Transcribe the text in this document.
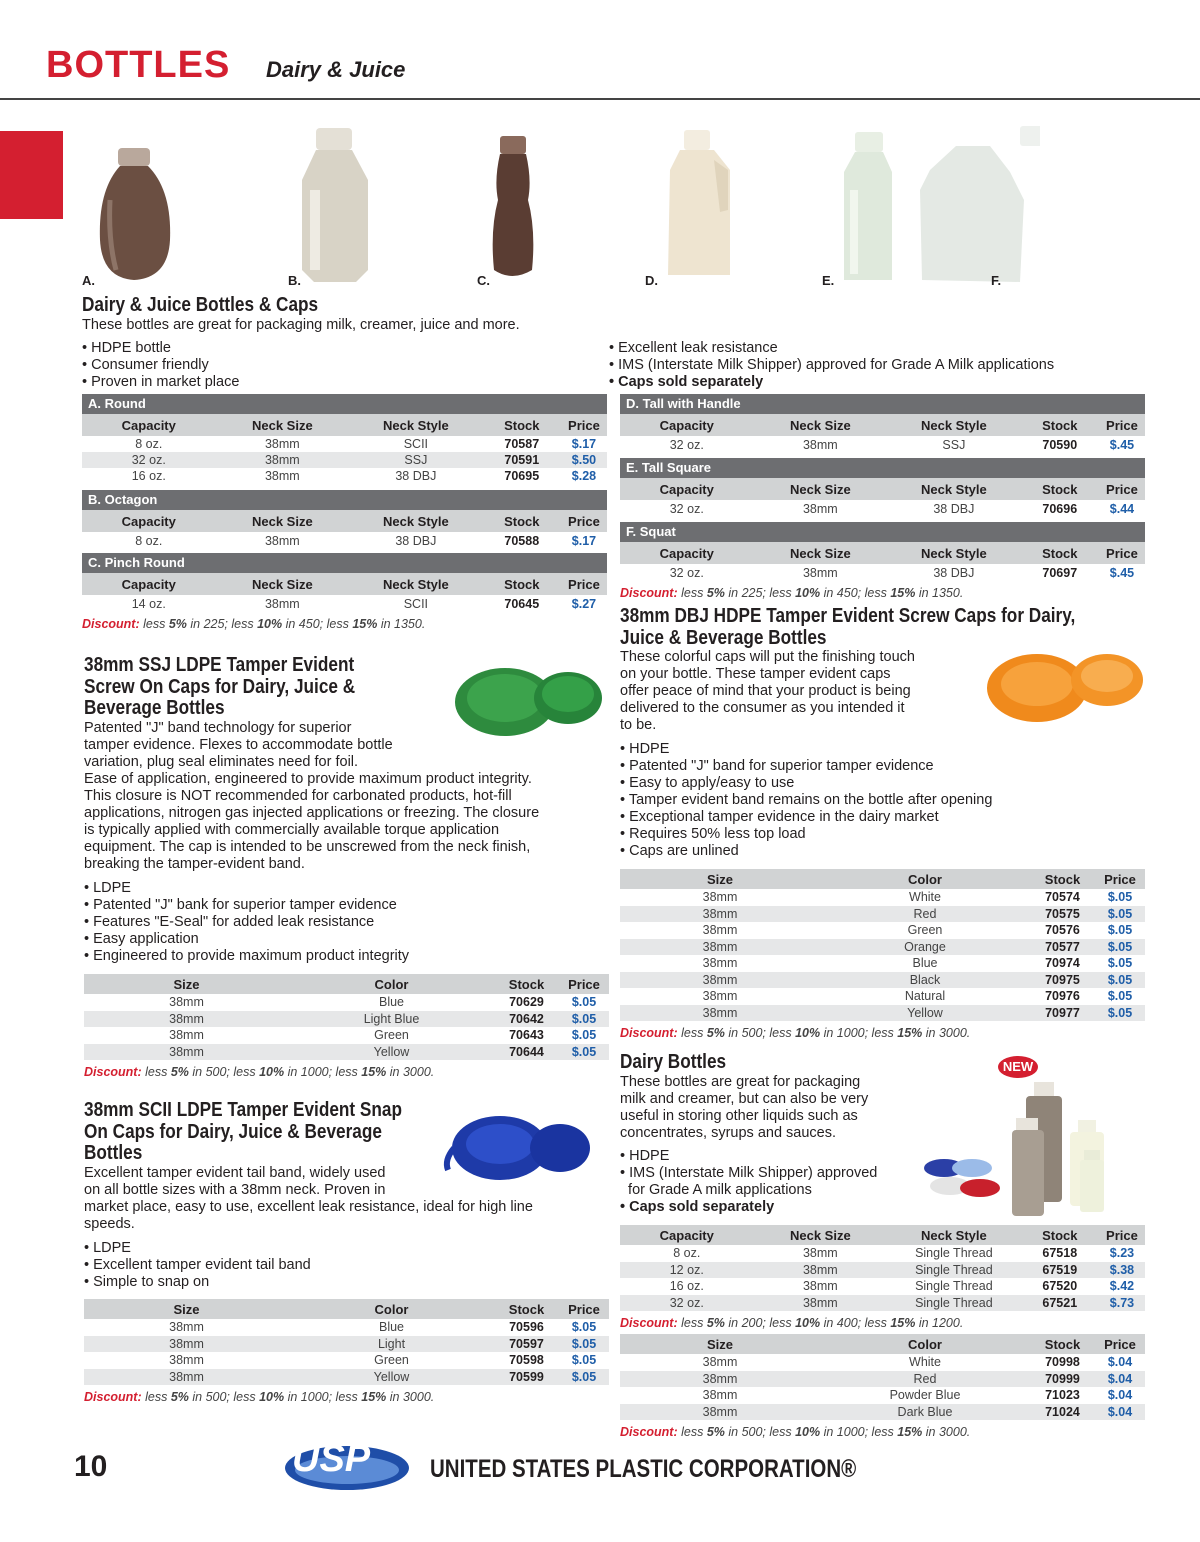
BOTTLES Dairy & Juice
A.	B.	C.	D.	E.	F.
Dairy & Juice Bottles & Caps
These bottles are great for packaging milk, creamer, juice and more.
• HDPE bottle
• Consumer friendly
• Proven in market place
• Excellent leak resistance
• IMS (Interstate Milk Shipper) approved for Grade A Milk applications
• Caps sold separately
A. Round
Capacity	Neck Size	Neck Style	Stock	Price
8 oz.	38mm	SCII	70587	$.17
32 oz.	38mm	SSJ	70591	$.50
16 oz.	38mm	38 DBJ	70695	$.28
B. Octagon
Capacity	Neck Size	Neck Style	Stock	Price
8 oz.	38mm	38 DBJ	70588	$.17
C. Pinch Round
Capacity	Neck Size	Neck Style	Stock	Price
14 oz.	38mm	SCII	70645	$.27
D. Tall with Handle
Capacity	Neck Size	Neck Style	Stock	Price
32 oz.	38mm	SSJ	70590	$.45
E. Tall Square
Capacity	Neck Size	Neck Style	Stock	Price
32 oz.	38mm	38 DBJ	70696	$.44
F. Squat
Capacity	Neck Size	Neck Style	Stock	Price
32 oz.	38mm	38 DBJ	70697	$.45
Size	Color	Stock	Price
38mm	Blue	70629	$.05
38mm	Light Blue	70642	$.05
38mm	Green	70643	$.05
38mm	Yellow	70644	$.05
Size	Color	Stock	Price
38mm	Blue	70596	$.05
38mm	Light	70597	$.05
38mm	Green	70598	$.05
38mm	Yellow	70599	$.05
Size	Color	Stock	Price
38mm	White	70574	$.05
38mm	Red	70575	$.05
38mm	Green	70576	$.05
38mm	Orange	70577	$.05
38mm	Blue	70974	$.05
38mm	Black	70975	$.05
38mm	Natural	70976	$.05
38mm	Yellow	70977	$.05
Capacity	Neck Size	Neck Style	Stock	Price
8 oz.	38mm	Single Thread	67518	$.23
12 oz.	38mm	Single Thread	67519	$.38
16 oz.	38mm	Single Thread	67520	$.42
32 oz.	38mm	Single Thread	67521	$.73
Size	Color	Stock	Price
38mm	White	70998	$.04
38mm	Red	70999	$.04
38mm	Powder Blue	71023	$.04
38mm	Dark Blue	71024	$.04
Discount: less 5% in 225; less 10% in 450; less 15% in 1350.
Discount: less 5% in 225; less 10% in 450; less 15% in 1350.
38mm SSJ LDPE Tamper Evident
Screw On Caps for Dairy, Juice &
Beverage Bottles
Patented "J" band technology for superior
tamper evidence. Flexes to accommodate bottle
variation, plug seal eliminates need for foil.
Ease of application, engineered to provide maximum product integrity.
This closure is NOT recommended for carbonated products, hot-fill
applications, nitrogen gas injected applications or freezing. The closure
is typically applied with commercially available torque application
equipment. The cap is intended to be unscrewed from the neck finish,
breaking the tamper-evident band.
• LDPE
• Patented "J" bank for superior tamper evidence
• Features "E-Seal" for added leak resistance
• Easy application
• Engineered to provide maximum product integrity
Discount: less 5% in 500; less 10% in 1000; less 15% in 3000.
38mm SCII LDPE Tamper Evident Snap
On Caps for Dairy, Juice & Beverage
Bottles
Excellent tamper evident tail band, widely used
on all bottle sizes with a 38mm neck. Proven in
market place, easy to use, excellent leak resistance, ideal for high line
speeds.
• LDPE
• Excellent tamper evident tail band
• Simple to snap on
Discount: less 5% in 500; less 10% in 1000; less 15% in 3000.
38mm DBJ HDPE Tamper Evident Screw Caps for Dairy,
Juice & Beverage Bottles
These colorful caps will put the finishing touch
on your bottle. These tamper evident caps
offer peace of mind that your product is being
delivered to the consumer as you intended it
to be.
• HDPE
• Patented "J" band for superior tamper evidence
• Easy to apply/easy to use
• Tamper evident band remains on the bottle after opening
• Exceptional tamper evidence in the dairy market
• Requires 50% less top load
• Caps are unlined
Discount: less 5% in 500; less 10% in 1000; less 15% in 3000.
Dairy Bottles
These bottles are great for packaging
milk and creamer, but can also be very
useful in storing other liquids such as
concentrates, syrups and sauces.
• HDPE
• IMS (Interstate Milk Shipper) approved
for Grade A milk applications
• Caps sold separately
Discount: less 5% in 200; less 10% in 400; less 15% in 1200.
Discount: less 5% in 500; less 10% in 1000; less 15% in 3000.
NEW
10	USP UNITED STATES PLASTIC CORPORATION®
